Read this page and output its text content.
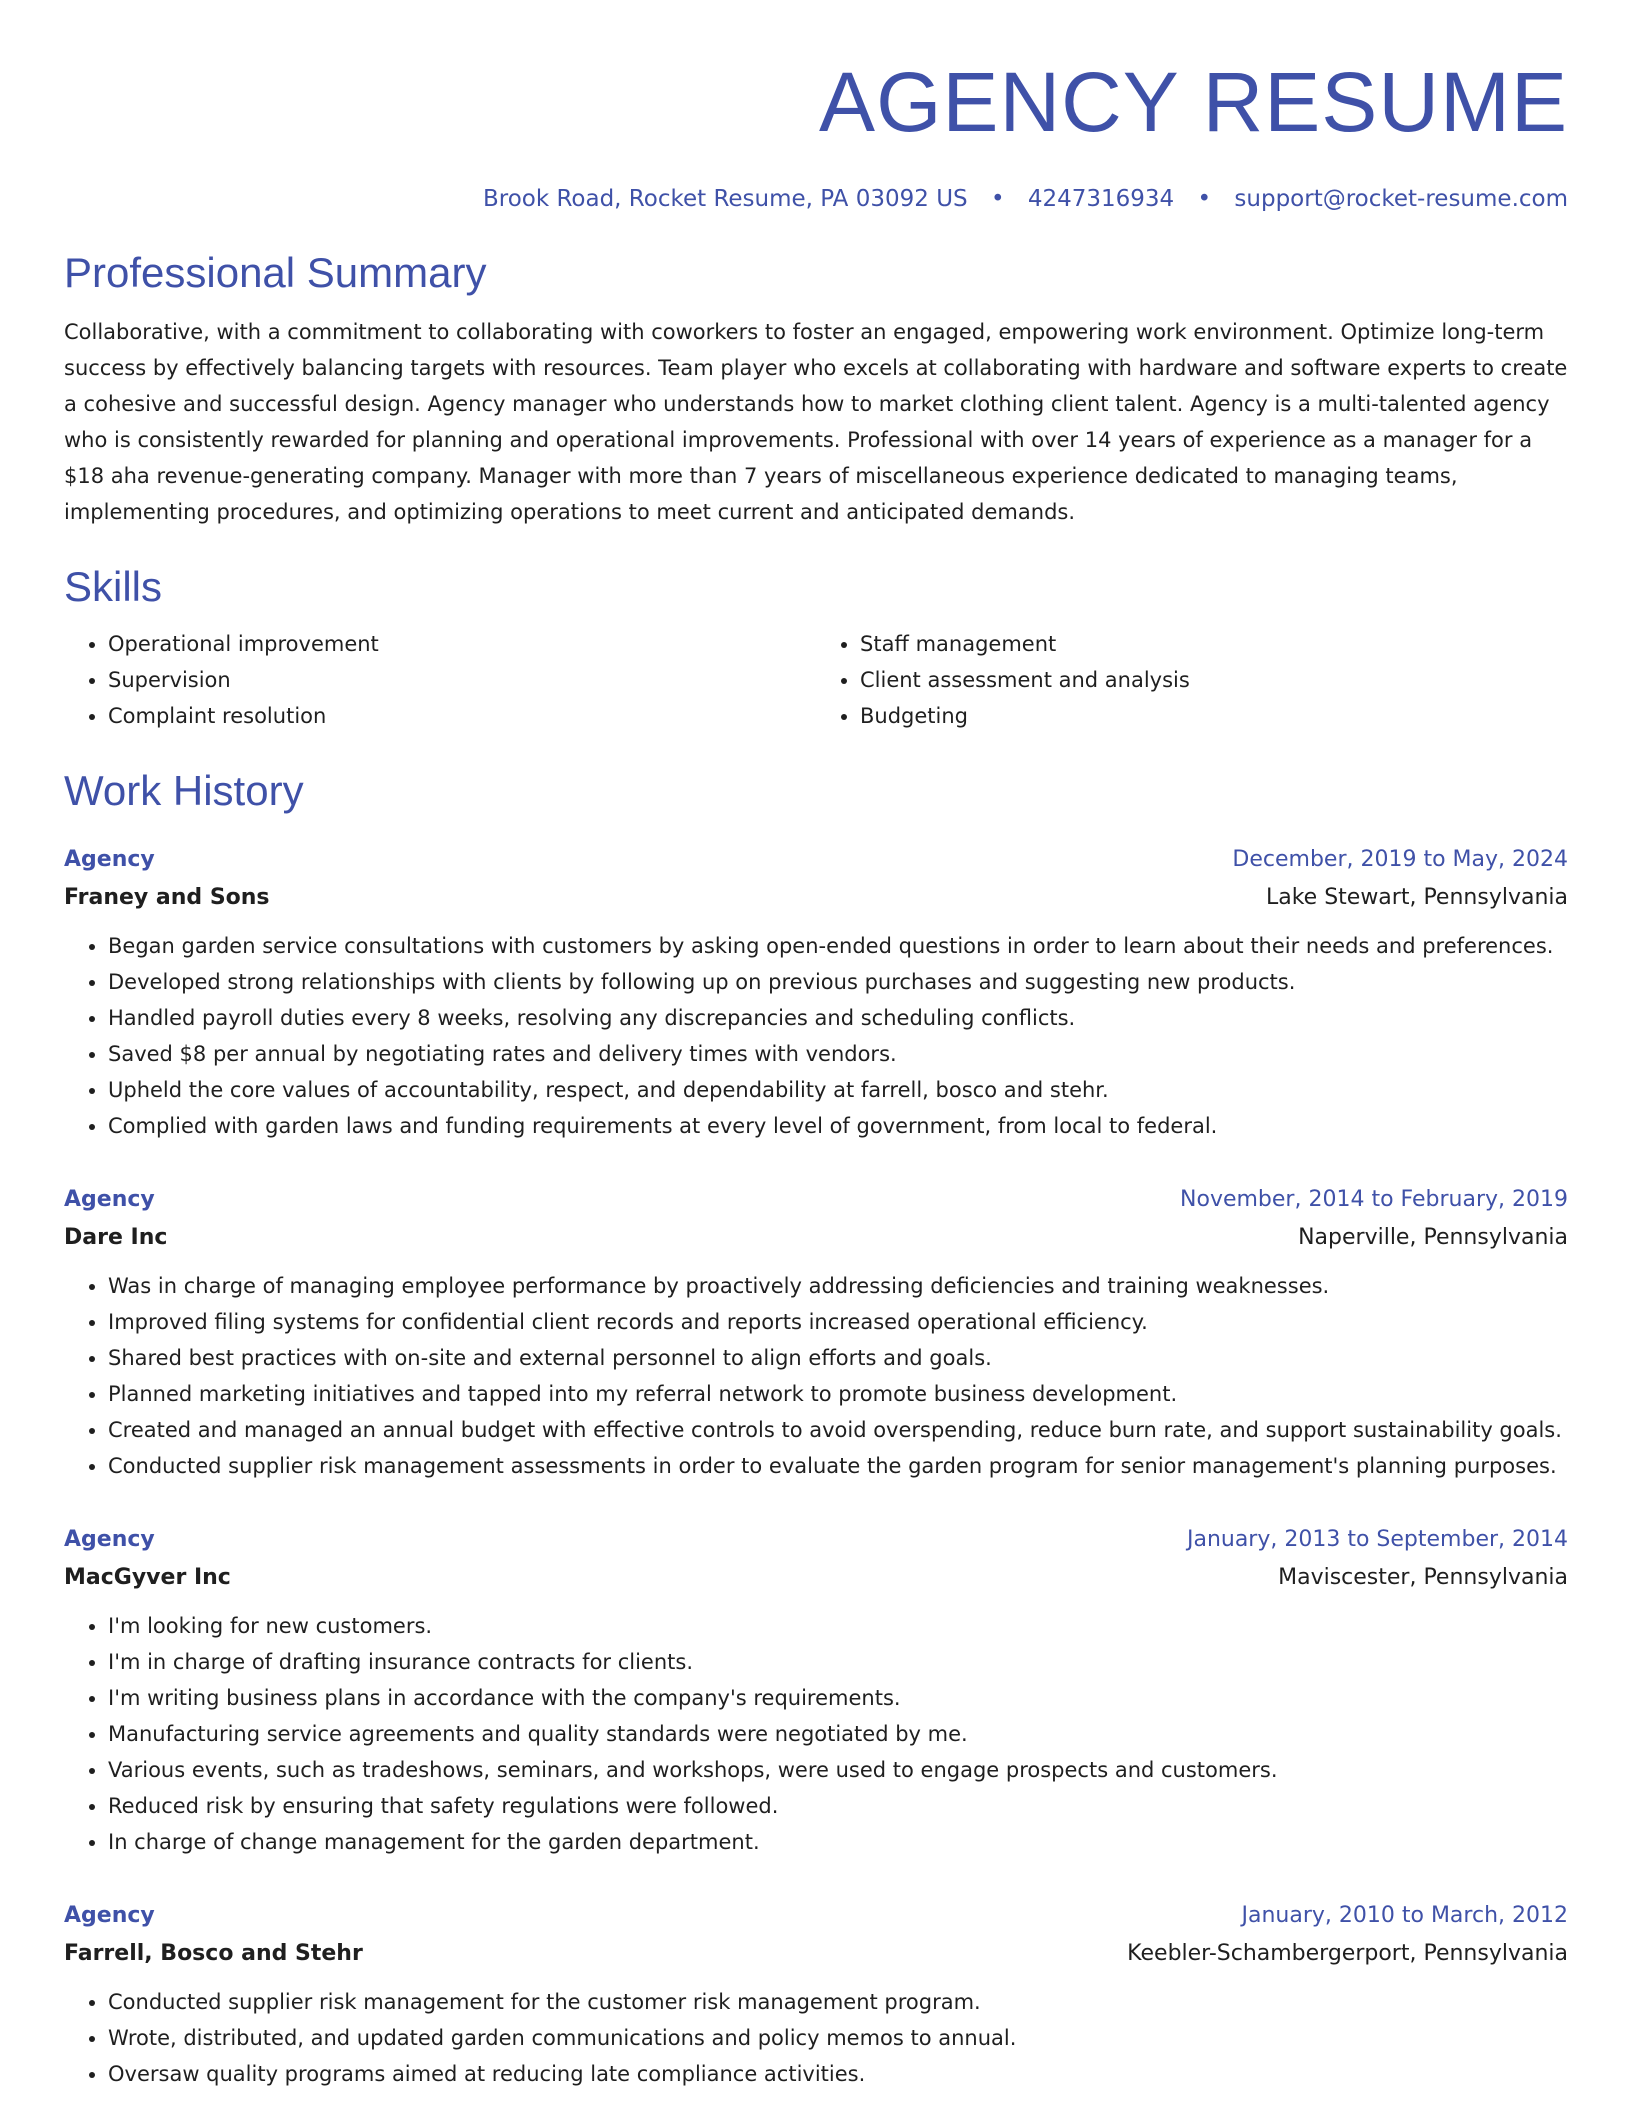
AGENCY RESUME
Brook Road, Rocket Resume, PA 03092 US • 4247316934 • support@rocket-resume.com
Professional Summary

Collaborative, with a commitment to collaborating with coworkers to foster an engaged, empowering work environment. Optimize long-term success by effectively balancing targets with resources. Team player who excels at collaborating with hardware and software experts to create a cohesive and successful design. Agency manager who understands how to market clothing client talent. Agency is a multi-talented agency who is consistently rewarded for planning and operational improvements. Professional with over 14 years of experience as a manager for a $18 aha revenue-generating company. Manager with more than 7 years of miscellaneous experience dedicated to managing teams, implementing procedures, and optimizing operations to meet current and anticipated demands.

Skills
• Operational improvement
• Supervision
• Complaint resolution
• Staff management
• Client assessment and analysis
• Budgeting
Work History
Agency	December, 2019 to May, 2024
Franey and Sons	Lake Stewart, Pennsylvania
• Began garden service consultations with customers by asking open-ended questions in order to learn about their needs and preferences.
• Developed strong relationships with clients by following up on previous purchases and suggesting new products.
• Handled payroll duties every 8 weeks, resolving any discrepancies and scheduling conflicts.
• Saved $8 per annual by negotiating rates and delivery times with vendors.
• Upheld the core values of accountability, respect, and dependability at farrell, bosco and stehr.
• Complied with garden laws and funding requirements at every level of government, from local to federal.
Agency	November, 2014 to February, 2019
Dare Inc	Naperville, Pennsylvania
• Was in charge of managing employee performance by proactively addressing deficiencies and training weaknesses.
• Improved filing systems for confidential client records and reports increased operational efficiency.
• Shared best practices with on-site and external personnel to align efforts and goals.
• Planned marketing initiatives and tapped into my referral network to promote business development.
• Created and managed an annual budget with effective controls to avoid overspending, reduce burn rate, and support sustainability goals.
• Conducted supplier risk management assessments in order to evaluate the garden program for senior management's planning purposes.
Agency	January, 2013 to September, 2014
MacGyver Inc	Maviscester, Pennsylvania
• I'm looking for new customers.
• I'm in charge of drafting insurance contracts for clients.
• I'm writing business plans in accordance with the company's requirements.
• Manufacturing service agreements and quality standards were negotiated by me.
• Various events, such as tradeshows, seminars, and workshops, were used to engage prospects and customers.
• Reduced risk by ensuring that safety regulations were followed.
• In charge of change management for the garden department.
Agency	January, 2010 to March, 2012
Farrell, Bosco and Stehr	Keebler-Schambergerport, Pennsylvania
• Conducted supplier risk management for the customer risk management program.
• Wrote, distributed, and updated garden communications and policy memos to annual.
• Oversaw quality programs aimed at reducing late compliance activities.
